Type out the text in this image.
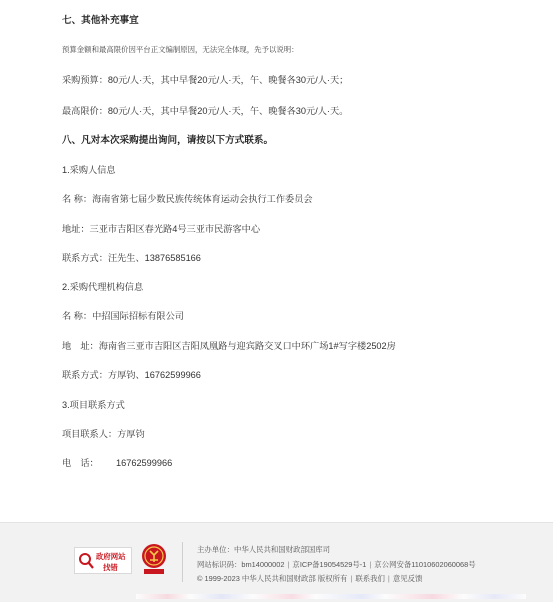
七、其他补充事宜
预算金额和最高限价因平台正文编制原因，无法完全体现，先予以说明：
采购预算：80元/人·天，其中早餐20元/人·天，午、晚餐各30元/人·天；
最高限价：80元/人·天，其中早餐20元/人·天，午、晚餐各30元/人·天。
八、凡对本次采购提出询问，请按以下方式联系。
1.采购人信息
名 称：海南省第七届少数民族传统体育运动会执行工作委员会
地址：三亚市吉阳区春光路4号三亚市民游客中心
联系方式：汪先生、13876585166
2.采购代理机构信息
名 称：中招国际招标有限公司
地　址：海南省三亚市吉阳区吉阳凤凰路与迎宾路交叉口中环广场1#写字楼2502房
联系方式：方厚钧、16762599966
3.项目联系方式
项目联系人：方厚钧
电　话： 16762599966
政府网站
找错
主办单位：中华人民共和国财政部国库司
网站标识码：bm14000002 | 京ICP备19054529号-1 | 京公网安备11010602060068号
© 1999-2023 中华人民共和国财政部 版权所有 | 联系我们 | 意见反馈
